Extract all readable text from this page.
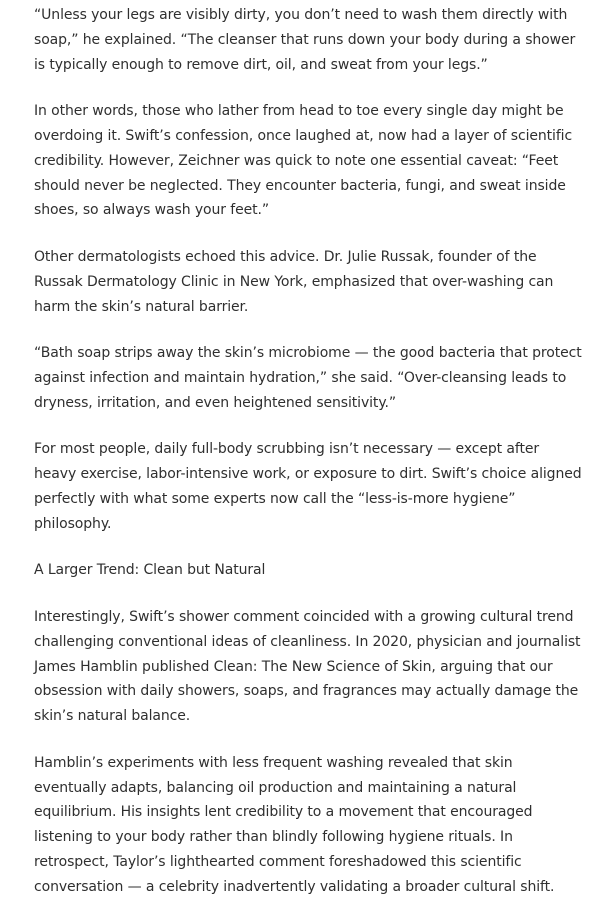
“Unless your legs are visibly dirty, you don’t need to wash them directly with soap,” he explained. “The cleanser that runs down your body during a shower is typically enough to remove dirt, oil, and sweat from your legs.”

In other words, those who lather from head to toe every single day might be overdoing it. Swift’s confession, once laughed at, now had a layer of scientific credibility. However, Zeichner was quick to note one essential caveat: “Feet should never be neglected. They encounter bacteria, fungi, and sweat inside shoes, so always wash your feet.”

Other dermatologists echoed this advice. Dr. Julie Russak, founder of the Russak Dermatology Clinic in New York, emphasized that over-washing can harm the skin’s natural barrier.

“Bath soap strips away the skin’s microbiome — the good bacteria that protect against infection and maintain hydration,” she said. “Over-cleansing leads to dryness, irritation, and even heightened sensitivity.”

For most people, daily full-body scrubbing isn’t necessary — except after heavy exercise, labor-intensive work, or exposure to dirt. Swift’s choice aligned perfectly with what some experts now call the “less-is-more hygiene” philosophy.

A Larger Trend: Clean but Natural

Interestingly, Swift’s shower comment coincided with a growing cultural trend challenging conventional ideas of cleanliness. In 2020, physician and journalist James Hamblin published Clean: The New Science of Skin, arguing that our obsession with daily showers, soaps, and fragrances may actually damage the skin’s natural balance.

Hamblin’s experiments with less frequent washing revealed that skin eventually adapts, balancing oil production and maintaining a natural equilibrium. His insights lent credibility to a movement that encouraged listening to your body rather than blindly following hygiene rituals. In retrospect, Taylor’s lighthearted comment foreshadowed this scientific conversation — a celebrity inadvertently validating a broader cultural shift.
